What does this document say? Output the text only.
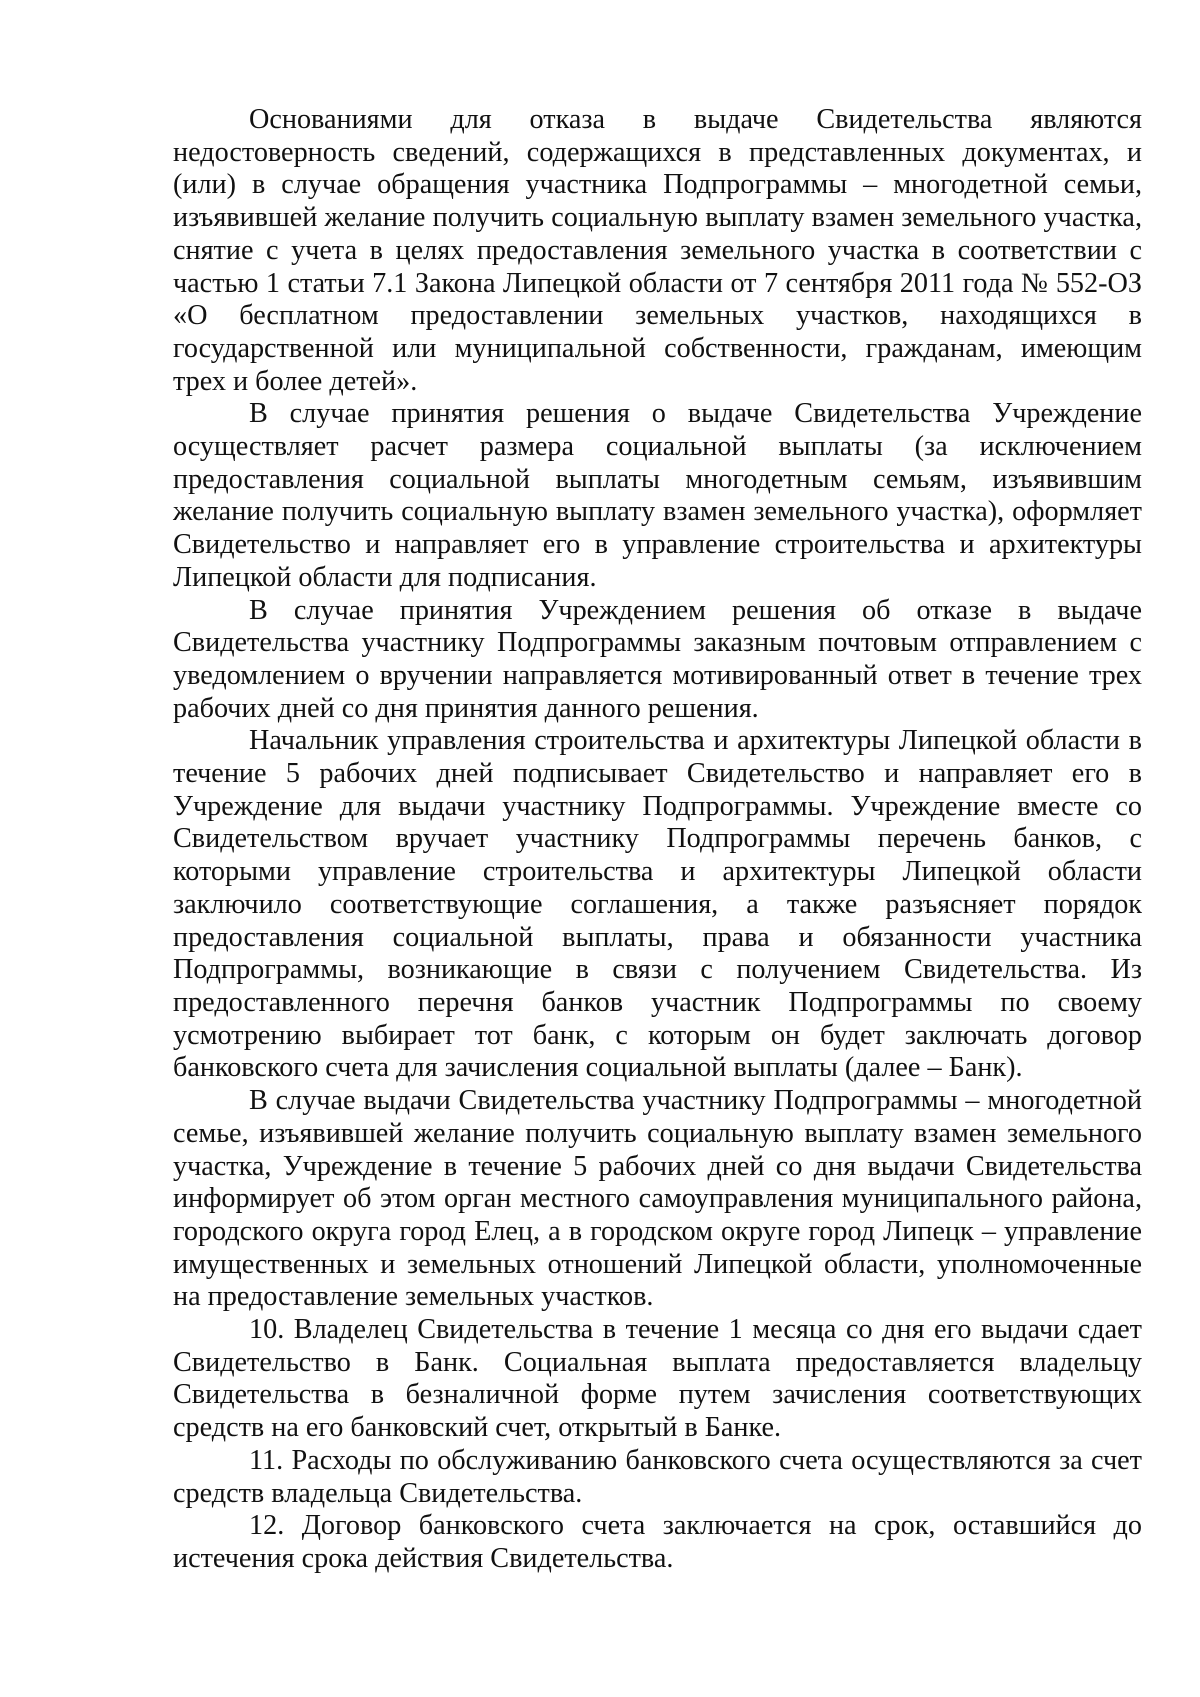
Основаниями для отказа в выдаче Свидетельства являются недостоверность сведений, содержащихся в представленных документах, и (или) в случае обращения участника Подпрограммы – многодетной семьи, изъявившей желание получить социальную выплату взамен земельного участка, снятие с учета в целях предоставления земельного участка в соответствии с частью 1 статьи 7.1 Закона Липецкой области от 7 сентября 2011 года № 552-ОЗ «О бесплатном предоставлении земельных участков, находящихся в государственной или муниципальной собственности, гражданам, имеющим трех и более детей».

В случае принятия решения о выдаче Свидетельства Учреждение осуществляет расчет размера социальной выплаты (за исключением предоставления социальной выплаты многодетным семьям, изъявившим желание получить социальную выплату взамен земельного участка), оформляет Свидетельство и направляет его в управление строительства и архитектуры Липецкой области для подписания.

В случае принятия Учреждением решения об отказе в выдаче Свидетельства участнику Подпрограммы заказным почтовым отправлением с уведомлением о вручении направляется мотивированный ответ в течение трех рабочих дней со дня принятия данного решения.

Начальник управления строительства и архитектуры Липецкой области в течение 5 рабочих дней подписывает Свидетельство и направляет его в Учреждение для выдачи участнику Подпрограммы. Учреждение вместе со Свидетельством вручает участнику Подпрограммы перечень банков, с которыми управление строительства и архитектуры Липецкой области заключило соответствующие соглашения, а также разъясняет порядок предоставления социальной выплаты, права и обязанности участника Подпрограммы, возникающие в связи с получением Свидетельства. Из предоставленного перечня банков участник Подпрограммы по своему усмотрению выбирает тот банк, с которым он будет заключать договор банковского счета для зачисления социальной выплаты (далее – Банк).

В случае выдачи Свидетельства участнику Подпрограммы – многодетной семье, изъявившей желание получить социальную выплату взамен земельного участка, Учреждение в течение 5 рабочих дней со дня выдачи Свидетельства информирует об этом орган местного самоуправления муниципального района, городского округа город Елец, а в городском округе город Липецк – управление имущественных и земельных отношений Липецкой области, уполномоченные на предоставление земельных участков.

10. Владелец Свидетельства в течение 1 месяца со дня его выдачи сдает Свидетельство в Банк. Социальная выплата предоставляется владельцу Свидетельства в безналичной форме путем зачисления соответствующих средств на его банковский счет, открытый в Банке.

11. Расходы по обслуживанию банковского счета осуществляются за счет средств владельца Свидетельства.

12. Договор банковского счета заключается на срок, оставшийся до истечения срока действия Свидетельства.
